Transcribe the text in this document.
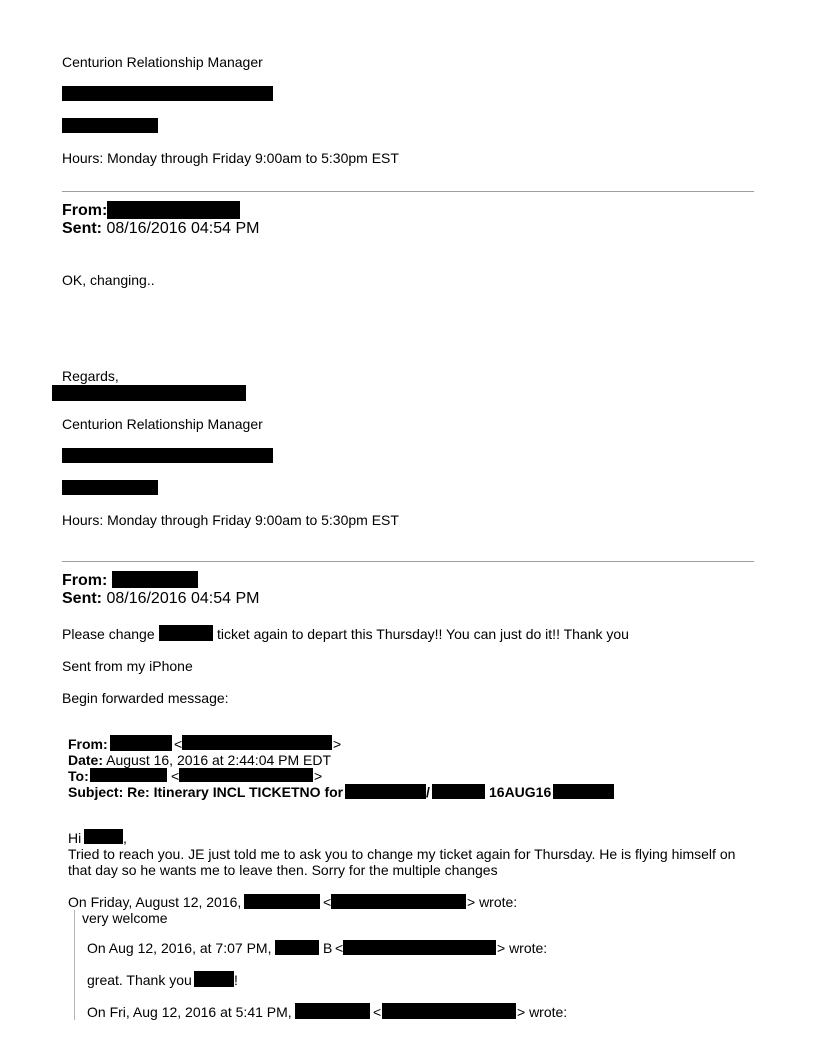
Centurion Relationship Manager
Hours: Monday through Friday 9:00am to 5:30pm EST
From:
Sent: 08/16/2016 04:54 PM
OK, changing..
Regards,
Centurion Relationship Manager
Hours: Monday through Friday 9:00am to 5:30pm EST
From:
Sent: 08/16/2016 04:54 PM
Please change	ticket again to depart this Thursday!! You can just do it!! Thank you
Sent from my iPhone
Begin forwarded message:
From:	<	>
Date: August 16, 2016 at 2:44:04 PM EDT
To:	<	>
Subject: Re: Itinerary INCL TICKETNO for	/	16AUG16
Hi	,
Tried to reach you. JE just told me to ask you to change my ticket again for Thursday. He is flying himself on
that day so he wants me to leave then. Sorry for the multiple changes
On Friday, August 12, 2016,	<	> wrote:
very welcome
On Aug 12, 2016, at 7:07 PM,	B <	> wrote:
great. Thank you	!
On Fri, Aug 12, 2016 at 5:41 PM,	<	> wrote:
